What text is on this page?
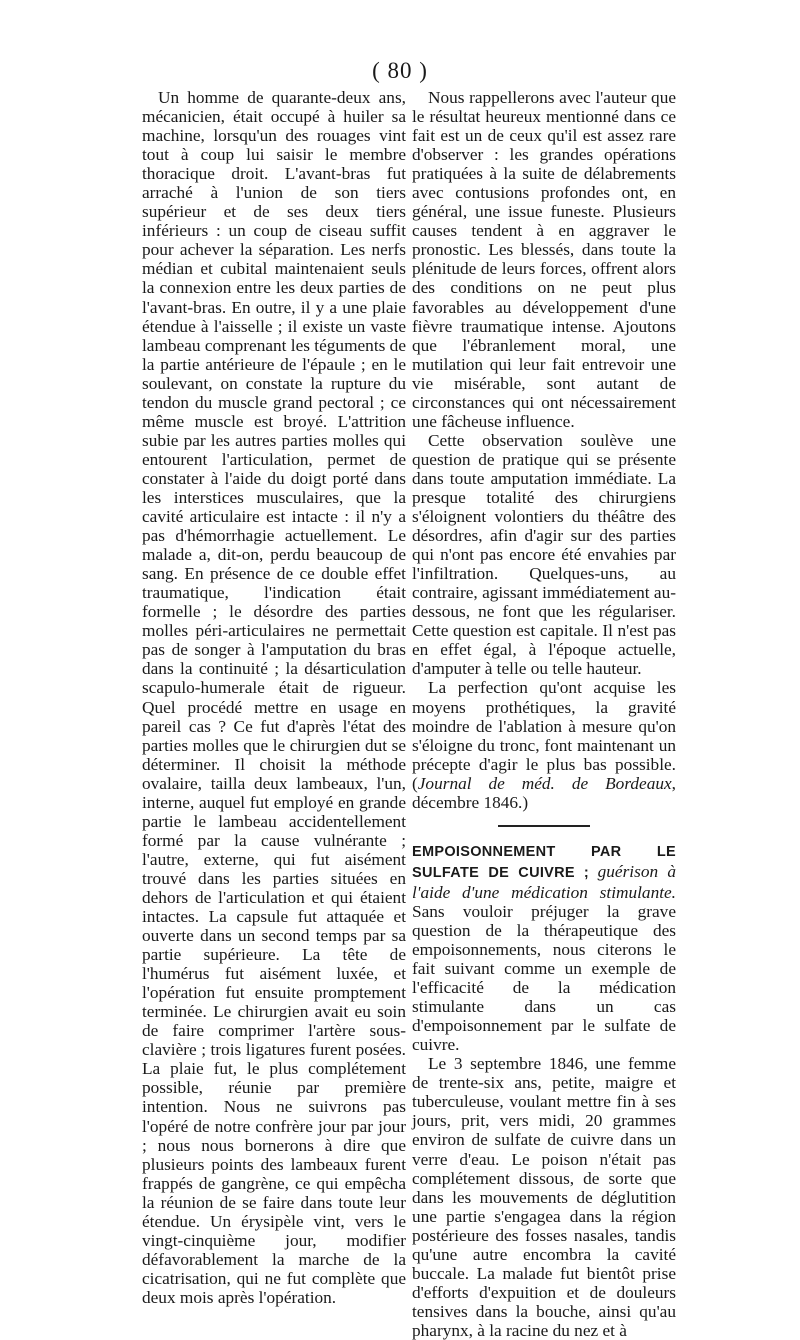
( 80 )

Un homme de quarante-deux ans, mécanicien, était occupé à huiler sa machine, lorsqu'un des rouages vint tout à coup lui saisir le membre thoracique droit. L'avant-bras fut arraché à l'union de son tiers supérieur et de ses deux tiers inférieurs : un coup de ciseau suffit pour achever la séparation. Les nerfs médian et cubital maintenaient seuls la connexion entre les deux parties de l'avant-bras. En outre, il y a une plaie étendue à l'aisselle ; il existe un vaste lambeau comprenant les téguments de la partie antérieure de l'épaule ; en le soulevant, on constate la rupture du tendon du muscle grand pectoral ; ce même muscle est broyé. L'attrition subie par les autres parties molles qui entourent l'articulation, permet de constater à l'aide du doigt porté dans les interstices musculaires, que la cavité articulaire est intacte : il n'y a pas d'hémorrhagie actuellement. Le malade a, dit-on, perdu beaucoup de sang. En présence de ce double effet traumatique, l'indication était formelle ; le désordre des parties molles péri-articulaires ne permettait pas de songer à l'amputation du bras dans la continuité ; la désarticulation scapulo-humerale était de rigueur. Quel procédé mettre en usage en pareil cas ? Ce fut d'après l'état des parties molles que le chirurgien dut se déterminer. Il choisit la méthode ovalaire, tailla deux lambeaux, l'un, interne, auquel fut employé en grande partie le lambeau accidentellement formé par la cause vulnérante ; l'autre, externe, qui fut aisément trouvé dans les parties situées en dehors de l'articulation et qui étaient intactes. La capsule fut attaquée et ouverte dans un second temps par sa partie supérieure. La tête de l'humérus fut aisément luxée, et l'opération fut ensuite promptement terminée. Le chirurgien avait eu soin de faire comprimer l'artère sous-clavière ; trois ligatures furent posées. La plaie fut, le plus complétement possible, réunie par première intention. Nous ne suivrons pas l'opéré de notre confrère jour par jour ; nous nous bornerons à dire que plusieurs points des lambeaux furent frappés de gangrène, ce qui empêcha la réunion de se faire dans toute leur étendue. Un érysipèle vint, vers le vingt-cinquième jour, modifier défavorablement la marche de la cicatrisation, qui ne fut complète que deux mois après l'opération.

Nous rappellerons avec l'auteur que le résultat heureux mentionné dans ce fait est un de ceux qu'il est assez rare d'observer : les grandes opérations pratiquées à la suite de délabrements avec contusions profondes ont, en général, une issue funeste. Plusieurs causes tendent à en aggraver le pronostic. Les blessés, dans toute la plénitude de leurs forces, offrent alors des conditions on ne peut plus favorables au développement d'une fièvre traumatique intense. Ajoutons que l'ébranlement moral, une mutilation qui leur fait entrevoir une vie misérable, sont autant de circonstances qui ont nécessairement une fâcheuse influence.

Cette observation soulève une question de pratique qui se présente dans toute amputation immédiate. La presque totalité des chirurgiens s'éloignent volontiers du théâtre des désordres, afin d'agir sur des parties qui n'ont pas encore été envahies par l'infiltration. Quelques-uns, au contraire, agissant immédiatement au-dessous, ne font que les régulariser. Cette question est capitale. Il n'est pas en effet égal, à l'époque actuelle, d'amputer à telle ou telle hauteur.

La perfection qu'ont acquise les moyens prothétiques, la gravité moindre de l'ablation à mesure qu'on s'éloigne du tronc, font maintenant un précepte d'agir le plus bas possible. (Journal de méd. de Bordeaux, décembre 1846.)

EMPOISONNEMENT PAR LE SULFATE DE CUIVRE ; guérison à l'aide d'une médication stimulante. Sans vouloir préjuger la grave question de la thérapeutique des empoisonnements, nous citerons le fait suivant comme un exemple de l'efficacité de la médication stimulante dans un cas d'empoisonnement par le sulfate de cuivre.

Le 3 septembre 1846, une femme de trente-six ans, petite, maigre et tuberculeuse, voulant mettre fin à ses jours, prit, vers midi, 20 grammes environ de sulfate de cuivre dans un verre d'eau. Le poison n'était pas complétement dissous, de sorte que dans les mouvements de déglutition une partie s'engagea dans la région postérieure des fosses nasales, tandis qu'une autre encombra la cavité buccale. La malade fut bientôt prise d'efforts d'expuition et de douleurs tensives dans la bouche, ainsi qu'au pharynx, à la racine du nez et à
